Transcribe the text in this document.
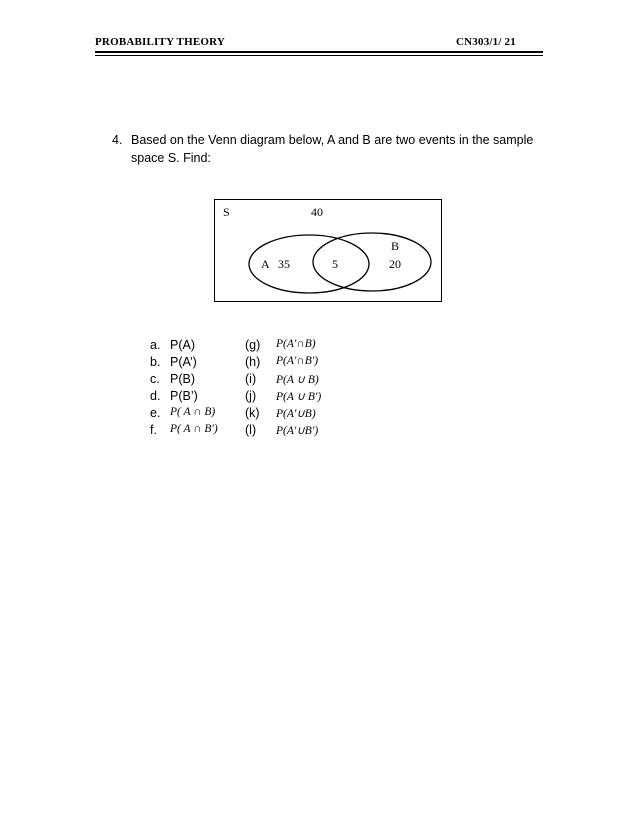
PROBABILITY THEORY	CN303/1/ 21
4. Based on the Venn diagram below, A and B are two events in the sample
space S. Find:
S	40
A 35	5
B
20
a. P(A)	(g) P(A′∩B)
b. P(A’)	(h) P(A′∩B′)
c. P(B)	(i) P(A ∪ B)
d. P(B’)	(j) P(A ∪ B′)
e. P( A ∩ B) (k) P(A′∪B)
f. P( A ∩ B′) (l) P(A′∪B′)
